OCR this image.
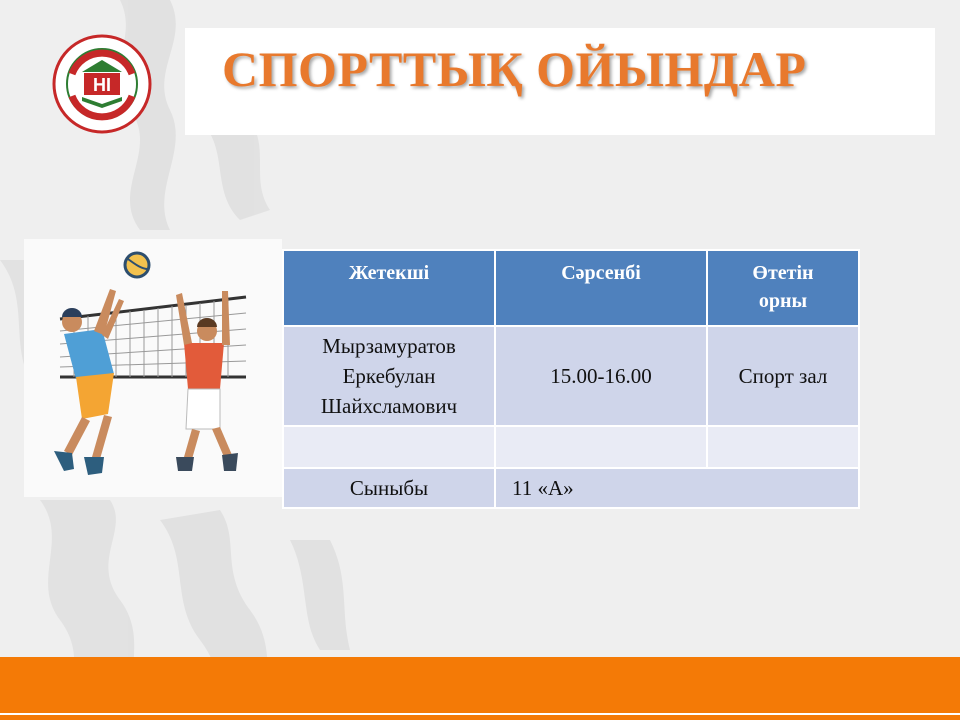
СПОРТТЫҚ ОЙЫНДАР
НІ
Жетекші	Сәрсенбі	Өтетін
орны
Мырзамуратов Еркебулан Шайхсламович	15.00-16.00	Спорт зал

Сыныбы	11 «А»	
